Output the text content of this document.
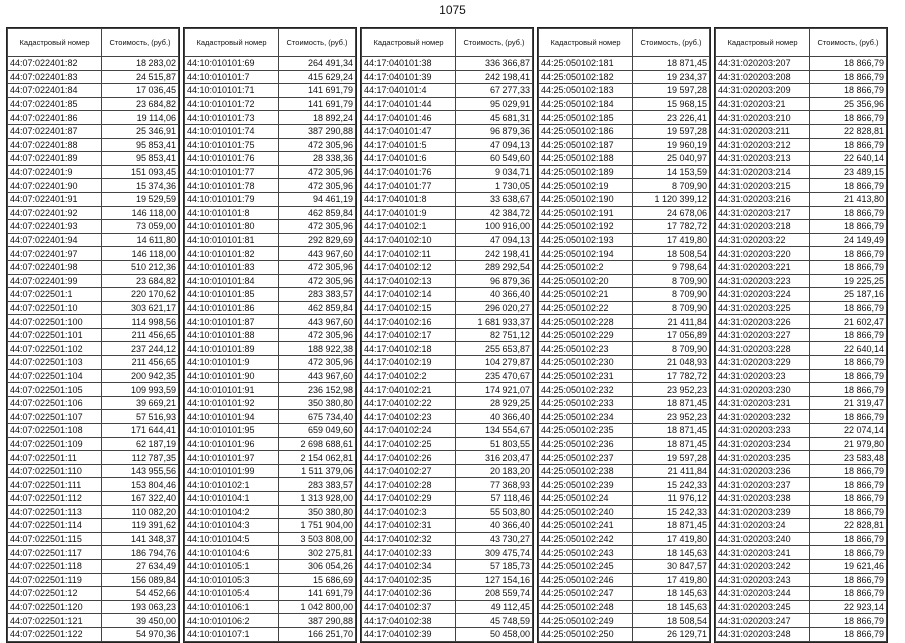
1075
Кадастровый номер	Стоимость, (руб.)
44:07:022401:82	18 283,02
44:07:022401:83	24 515,87
44:07:022401:84	17 036,45
44:07:022401:85	23 684,82
44:07:022401:86	19 114,06
44:07:022401:87	25 346,91
44:07:022401:88	95 853,41
44:07:022401:89	95 853,41
44:07:022401:9	151 093,45
44:07:022401:90	15 374,36
44:07:022401:91	19 529,59
44:07:022401:92	146 118,00
44:07:022401:93	73 059,00
44:07:022401:94	14 611,80
44:07:022401:97	146 118,00
44:07:022401:98	510 212,36
44:07:022401:99	23 684,82
44:07:022501:1	220 170,62
44:07:022501:10	303 621,17
44:07:022501:100	114 998,56
44:07:022501:101	211 456,65
44:07:022501:102	237 244,12
44:07:022501:103	211 456,65
44:07:022501:104	200 942,35
44:07:022501:105	109 993,59
44:07:022501:106	39 669,21
44:07:022501:107	57 516,93
44:07:022501:108	171 644,41
44:07:022501:109	62 187,19
44:07:022501:11	112 787,35
44:07:022501:110	143 955,56
44:07:022501:111	153 804,46
44:07:022501:112	167 322,40
44:07:022501:113	110 082,20
44:07:022501:114	119 391,62
44:07:022501:115	141 348,37
44:07:022501:117	186 794,76
44:07:022501:118	27 634,49
44:07:022501:119	156 089,84
44:07:022501:12	54 452,66
44:07:022501:120	193 063,23
44:07:022501:121	39 450,00
44:07:022501:122	54 970,36
Кадастровый номер	Стоимость, (руб.)
44:10:010101:69	264 491,34
44:10:010101:7	415 629,24
44:10:010101:71	141 691,79
44:10:010101:72	141 691,79
44:10:010101:73	18 892,24
44:10:010101:74	387 290,88
44:10:010101:75	472 305,96
44:10:010101:76	28 338,36
44:10:010101:77	472 305,96
44:10:010101:78	472 305,96
44:10:010101:79	94 461,19
44:10:010101:8	462 859,84
44:10:010101:80	472 305,96
44:10:010101:81	292 829,69
44:10:010101:82	443 967,60
44:10:010101:83	472 305,96
44:10:010101:84	472 305,96
44:10:010101:85	283 383,57
44:10:010101:86	462 859,84
44:10:010101:87	443 967,60
44:10:010101:88	472 305,96
44:10:010101:89	188 922,38
44:10:010101:9	472 305,96
44:10:010101:90	443 967,60
44:10:010101:91	236 152,98
44:10:010101:92	350 380,80
44:10:010101:94	675 734,40
44:10:010101:95	659 049,60
44:10:010101:96	2 698 688,61
44:10:010101:97	2 154 062,81
44:10:010101:99	1 511 379,06
44:10:010102:1	283 383,57
44:10:010104:1	1 313 928,00
44:10:010104:2	350 380,80
44:10:010104:3	1 751 904,00
44:10:010104:5	3 503 808,00
44:10:010104:6	302 275,81
44:10:010105:1	306 054,26
44:10:010105:3	15 686,69
44:10:010105:4	141 691,79
44:10:010106:1	1 042 800,00
44:10:010106:2	387 290,88
44:10:010107:1	166 251,70
Кадастровый номер	Стоимость, (руб.)
44:17:040101:38	336 366,87
44:17:040101:39	242 198,41
44:17:040101:4	67 277,33
44:17:040101:44	95 029,91
44:17:040101:46	45 681,31
44:17:040101:47	96 879,36
44:17:040101:5	47 094,13
44:17:040101:6	60 549,60
44:17:040101:76	9 034,71
44:17:040101:77	1 730,05
44:17:040101:8	33 638,67
44:17:040101:9	42 384,72
44:17:040102:1	100 916,00
44:17:040102:10	47 094,13
44:17:040102:11	242 198,41
44:17:040102:12	289 292,54
44:17:040102:13	96 879,36
44:17:040102:14	40 366,40
44:17:040102:15	296 020,27
44:17:040102:16	1 681 933,37
44:17:040102:17	82 751,12
44:17:040102:18	255 653,87
44:17:040102:19	104 279,87
44:17:040102:2	235 470,67
44:17:040102:21	174 921,07
44:17:040102:22	28 929,25
44:17:040102:23	40 366,40
44:17:040102:24	134 554,67
44:17:040102:25	51 803,55
44:17:040102:26	316 203,47
44:17:040102:27	20 183,20
44:17:040102:28	77 368,93
44:17:040102:29	57 118,46
44:17:040102:3	55 503,80
44:17:040102:31	40 366,40
44:17:040102:32	43 730,27
44:17:040102:33	309 475,74
44:17:040102:34	57 185,73
44:17:040102:35	127 154,16
44:17:040102:36	208 559,74
44:17:040102:37	49 112,45
44:17:040102:38	45 748,59
44:17:040102:39	50 458,00
Кадастровый номер	Стоимость, (руб.)
44:25:050102:181	18 871,45
44:25:050102:182	19 234,37
44:25:050102:183	19 597,28
44:25:050102:184	15 968,15
44:25:050102:185	23 226,41
44:25:050102:186	19 597,28
44:25:050102:187	19 960,19
44:25:050102:188	25 040,97
44:25:050102:189	14 153,59
44:25:050102:19	8 709,90
44:25:050102:190	1 120 399,12
44:25:050102:191	24 678,06
44:25:050102:192	17 782,72
44:25:050102:193	17 419,80
44:25:050102:194	18 508,54
44:25:050102:2	9 798,64
44:25:050102:20	8 709,90
44:25:050102:21	8 709,90
44:25:050102:22	8 709,90
44:25:050102:228	21 411,84
44:25:050102:229	17 056,89
44:25:050102:23	8 709,90
44:25:050102:230	21 048,93
44:25:050102:231	17 782,72
44:25:050102:232	23 952,23
44:25:050102:233	18 871,45
44:25:050102:234	23 952,23
44:25:050102:235	18 871,45
44:25:050102:236	18 871,45
44:25:050102:237	19 597,28
44:25:050102:238	21 411,84
44:25:050102:239	15 242,33
44:25:050102:24	11 976,12
44:25:050102:240	15 242,33
44:25:050102:241	18 871,45
44:25:050102:242	17 419,80
44:25:050102:243	18 145,63
44:25:050102:245	30 847,57
44:25:050102:246	17 419,80
44:25:050102:247	18 145,63
44:25:050102:248	18 145,63
44:25:050102:249	18 508,54
44:25:050102:250	26 129,71
Кадастровый номер	Стоимость, (руб.)
44:31:020203:207	18 866,79
44:31:020203:208	18 866,79
44:31:020203:209	18 866,79
44:31:020203:21	25 356,96
44:31:020203:210	18 866,79
44:31:020203:211	22 828,81
44:31:020203:212	18 866,79
44:31:020203:213	22 640,14
44:31:020203:214	23 489,15
44:31:020203:215	18 866,79
44:31:020203:216	21 413,80
44:31:020203:217	18 866,79
44:31:020203:218	18 866,79
44:31:020203:22	24 149,49
44:31:020203:220	18 866,79
44:31:020203:221	18 866,79
44:31:020203:223	19 225,25
44:31:020203:224	25 187,16
44:31:020203:225	18 866,79
44:31:020203:226	21 602,47
44:31:020203:227	18 866,79
44:31:020203:228	22 640,14
44:31:020203:229	18 866,79
44:31:020203:23	18 866,79
44:31:020203:230	18 866,79
44:31:020203:231	21 319,47
44:31:020203:232	18 866,79
44:31:020203:233	22 074,14
44:31:020203:234	21 979,80
44:31:020203:235	23 583,48
44:31:020203:236	18 866,79
44:31:020203:237	18 866,79
44:31:020203:238	18 866,79
44:31:020203:239	18 866,79
44:31:020203:24	22 828,81
44:31:020203:240	18 866,79
44:31:020203:241	18 866,79
44:31:020203:242	19 621,46
44:31:020203:243	18 866,79
44:31:020203:244	18 866,79
44:31:020203:245	22 923,14
44:31:020203:247	18 866,79
44:31:020203:248	18 866,79
